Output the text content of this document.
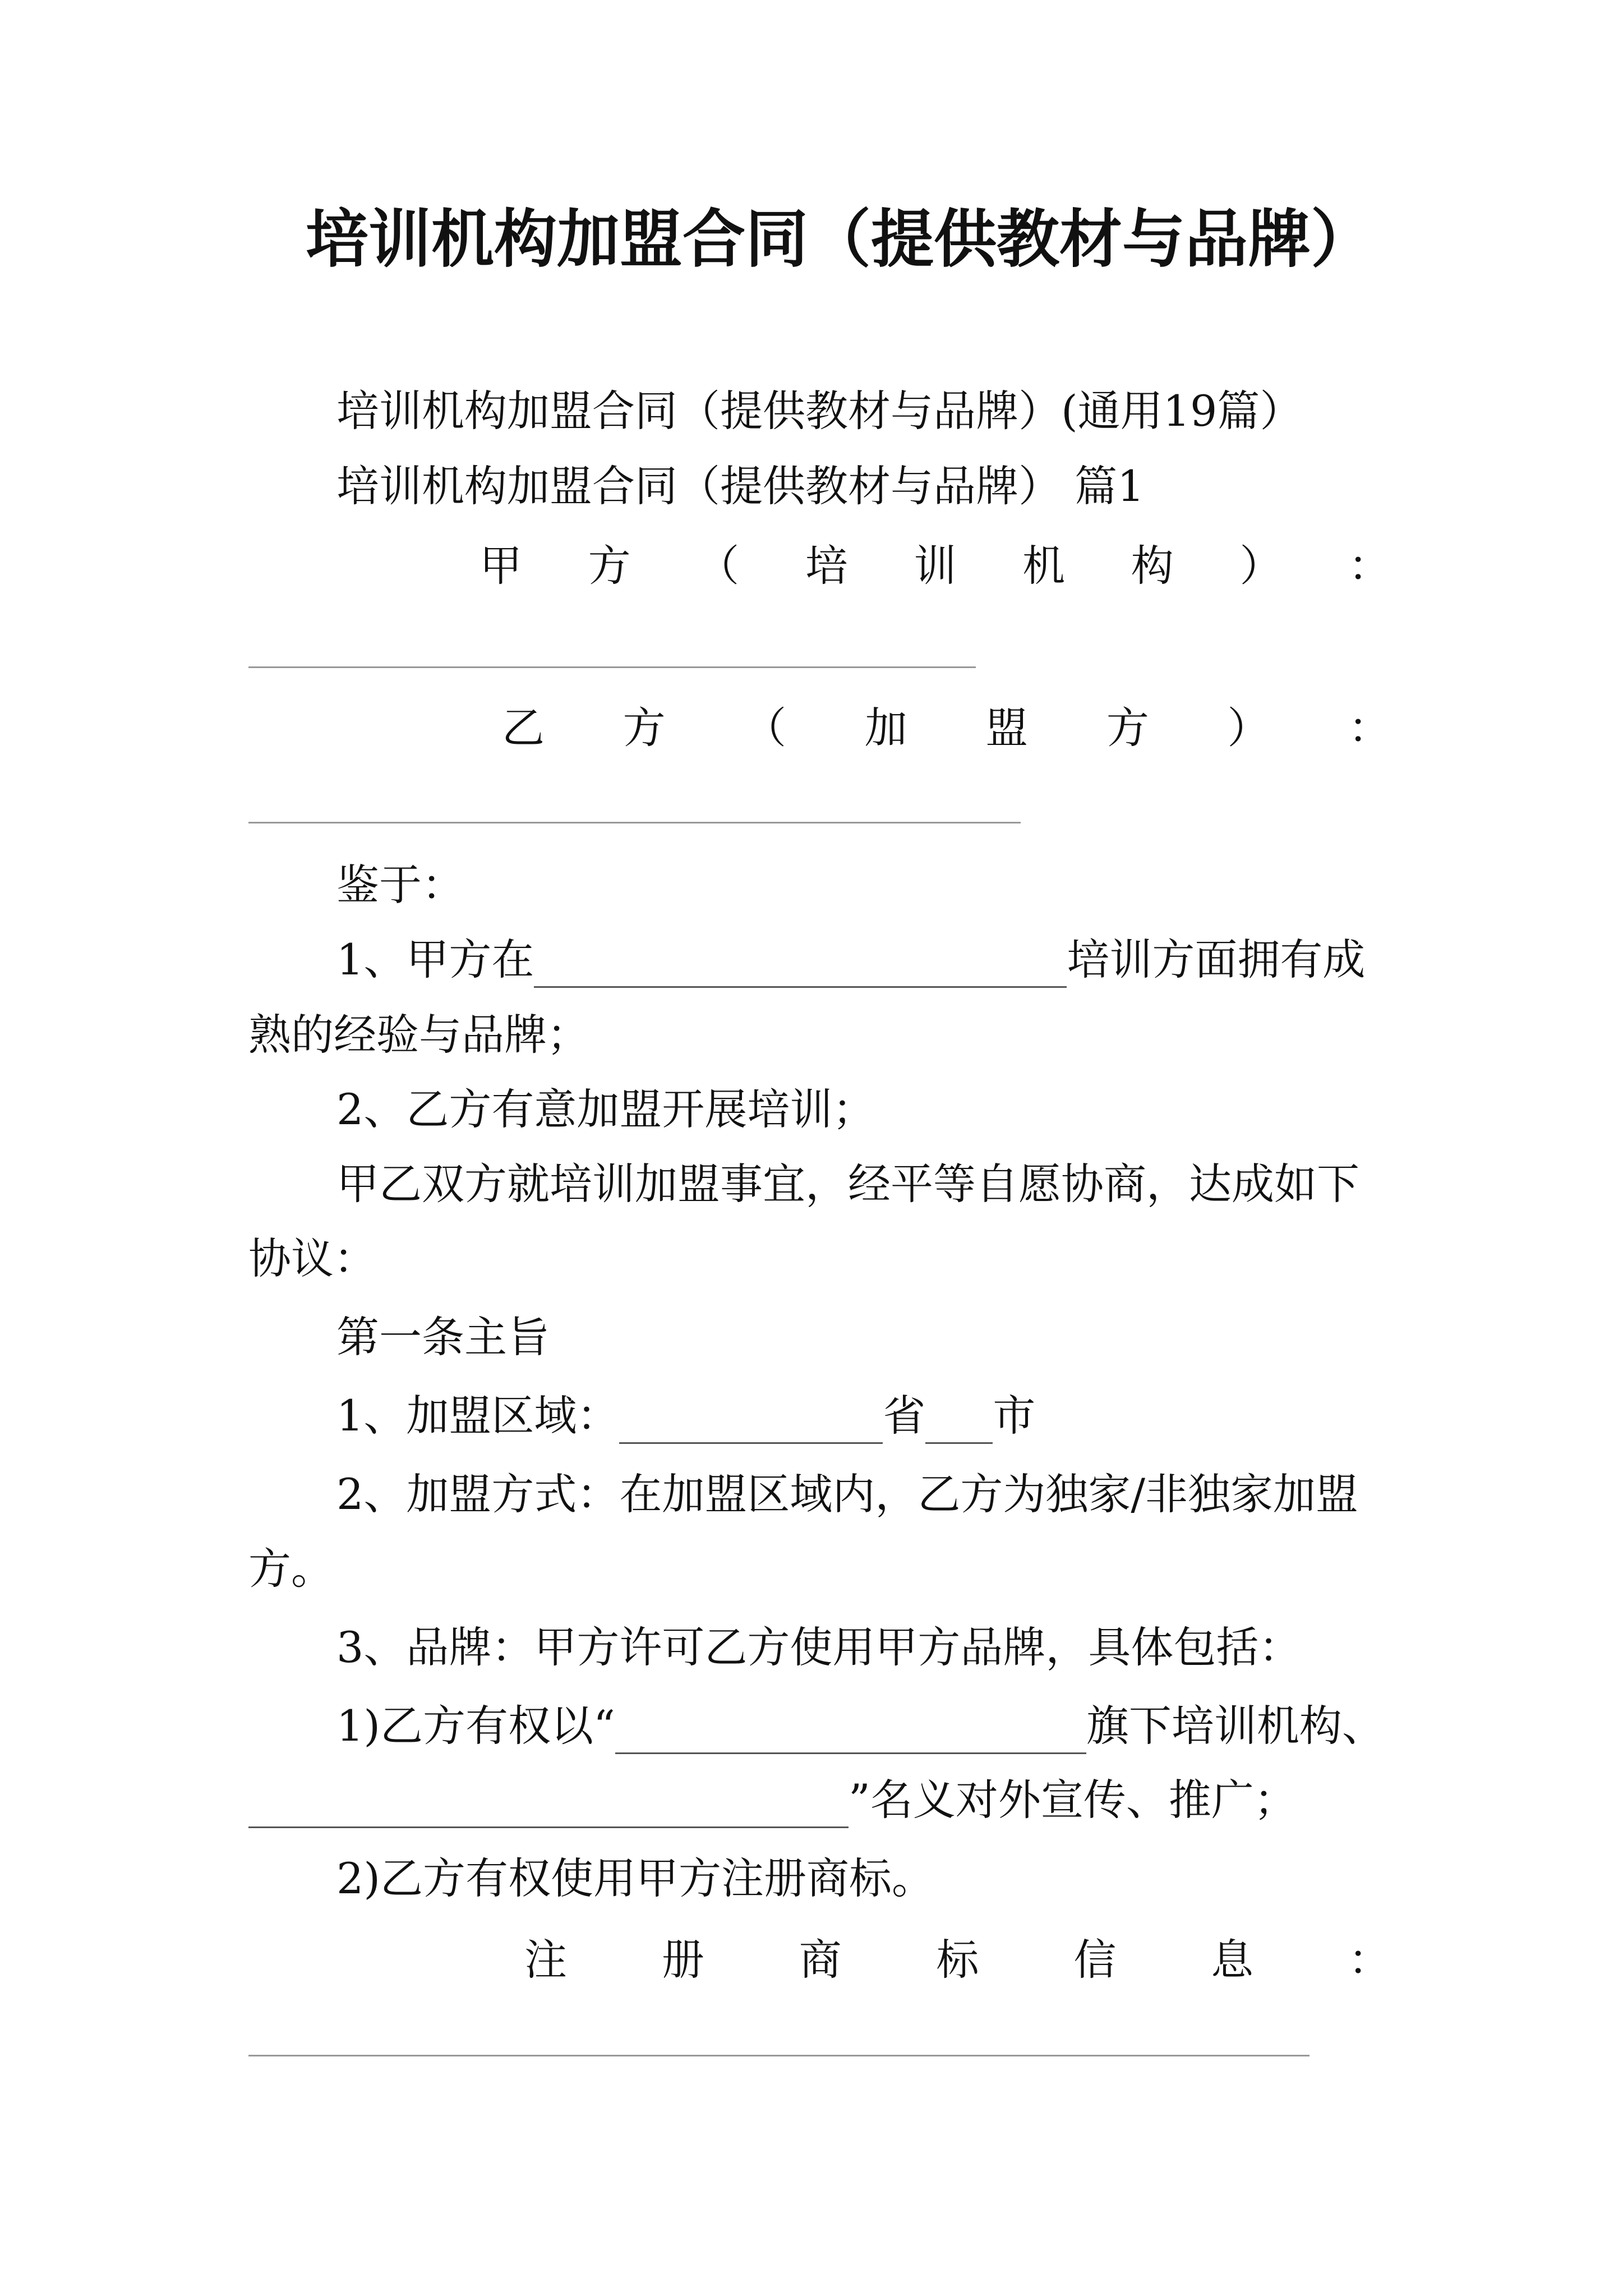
培训机构加盟合同（提供教材与品牌）
培训机构加盟合同（提供教材与品牌）(通用19篇）
培训机构加盟合同（提供教材与品牌） 篇1
甲 方 （ 培 训 机 构 ） ：
乙 方 （ 加 盟 方 ） ：
鉴于：
1、甲方在	培训方面拥有成
熟的经验与品牌；
2、乙方有意加盟开展培训；
甲乙双方就培训加盟事宜，经平等自愿协商，达成如下
协议：
第一条主旨
1、加盟区域：	省 市
2、加盟方式：在加盟区域内，乙方为独家/非独家加盟
方。
3、品牌：甲方许可乙方使用甲方品牌，具体包括：
1)乙方有权以“	旗下培训机构、
”名义对外宣传、推广；
2)乙方有权使用甲方注册商标。
注 册 商 标 信 息 ：
